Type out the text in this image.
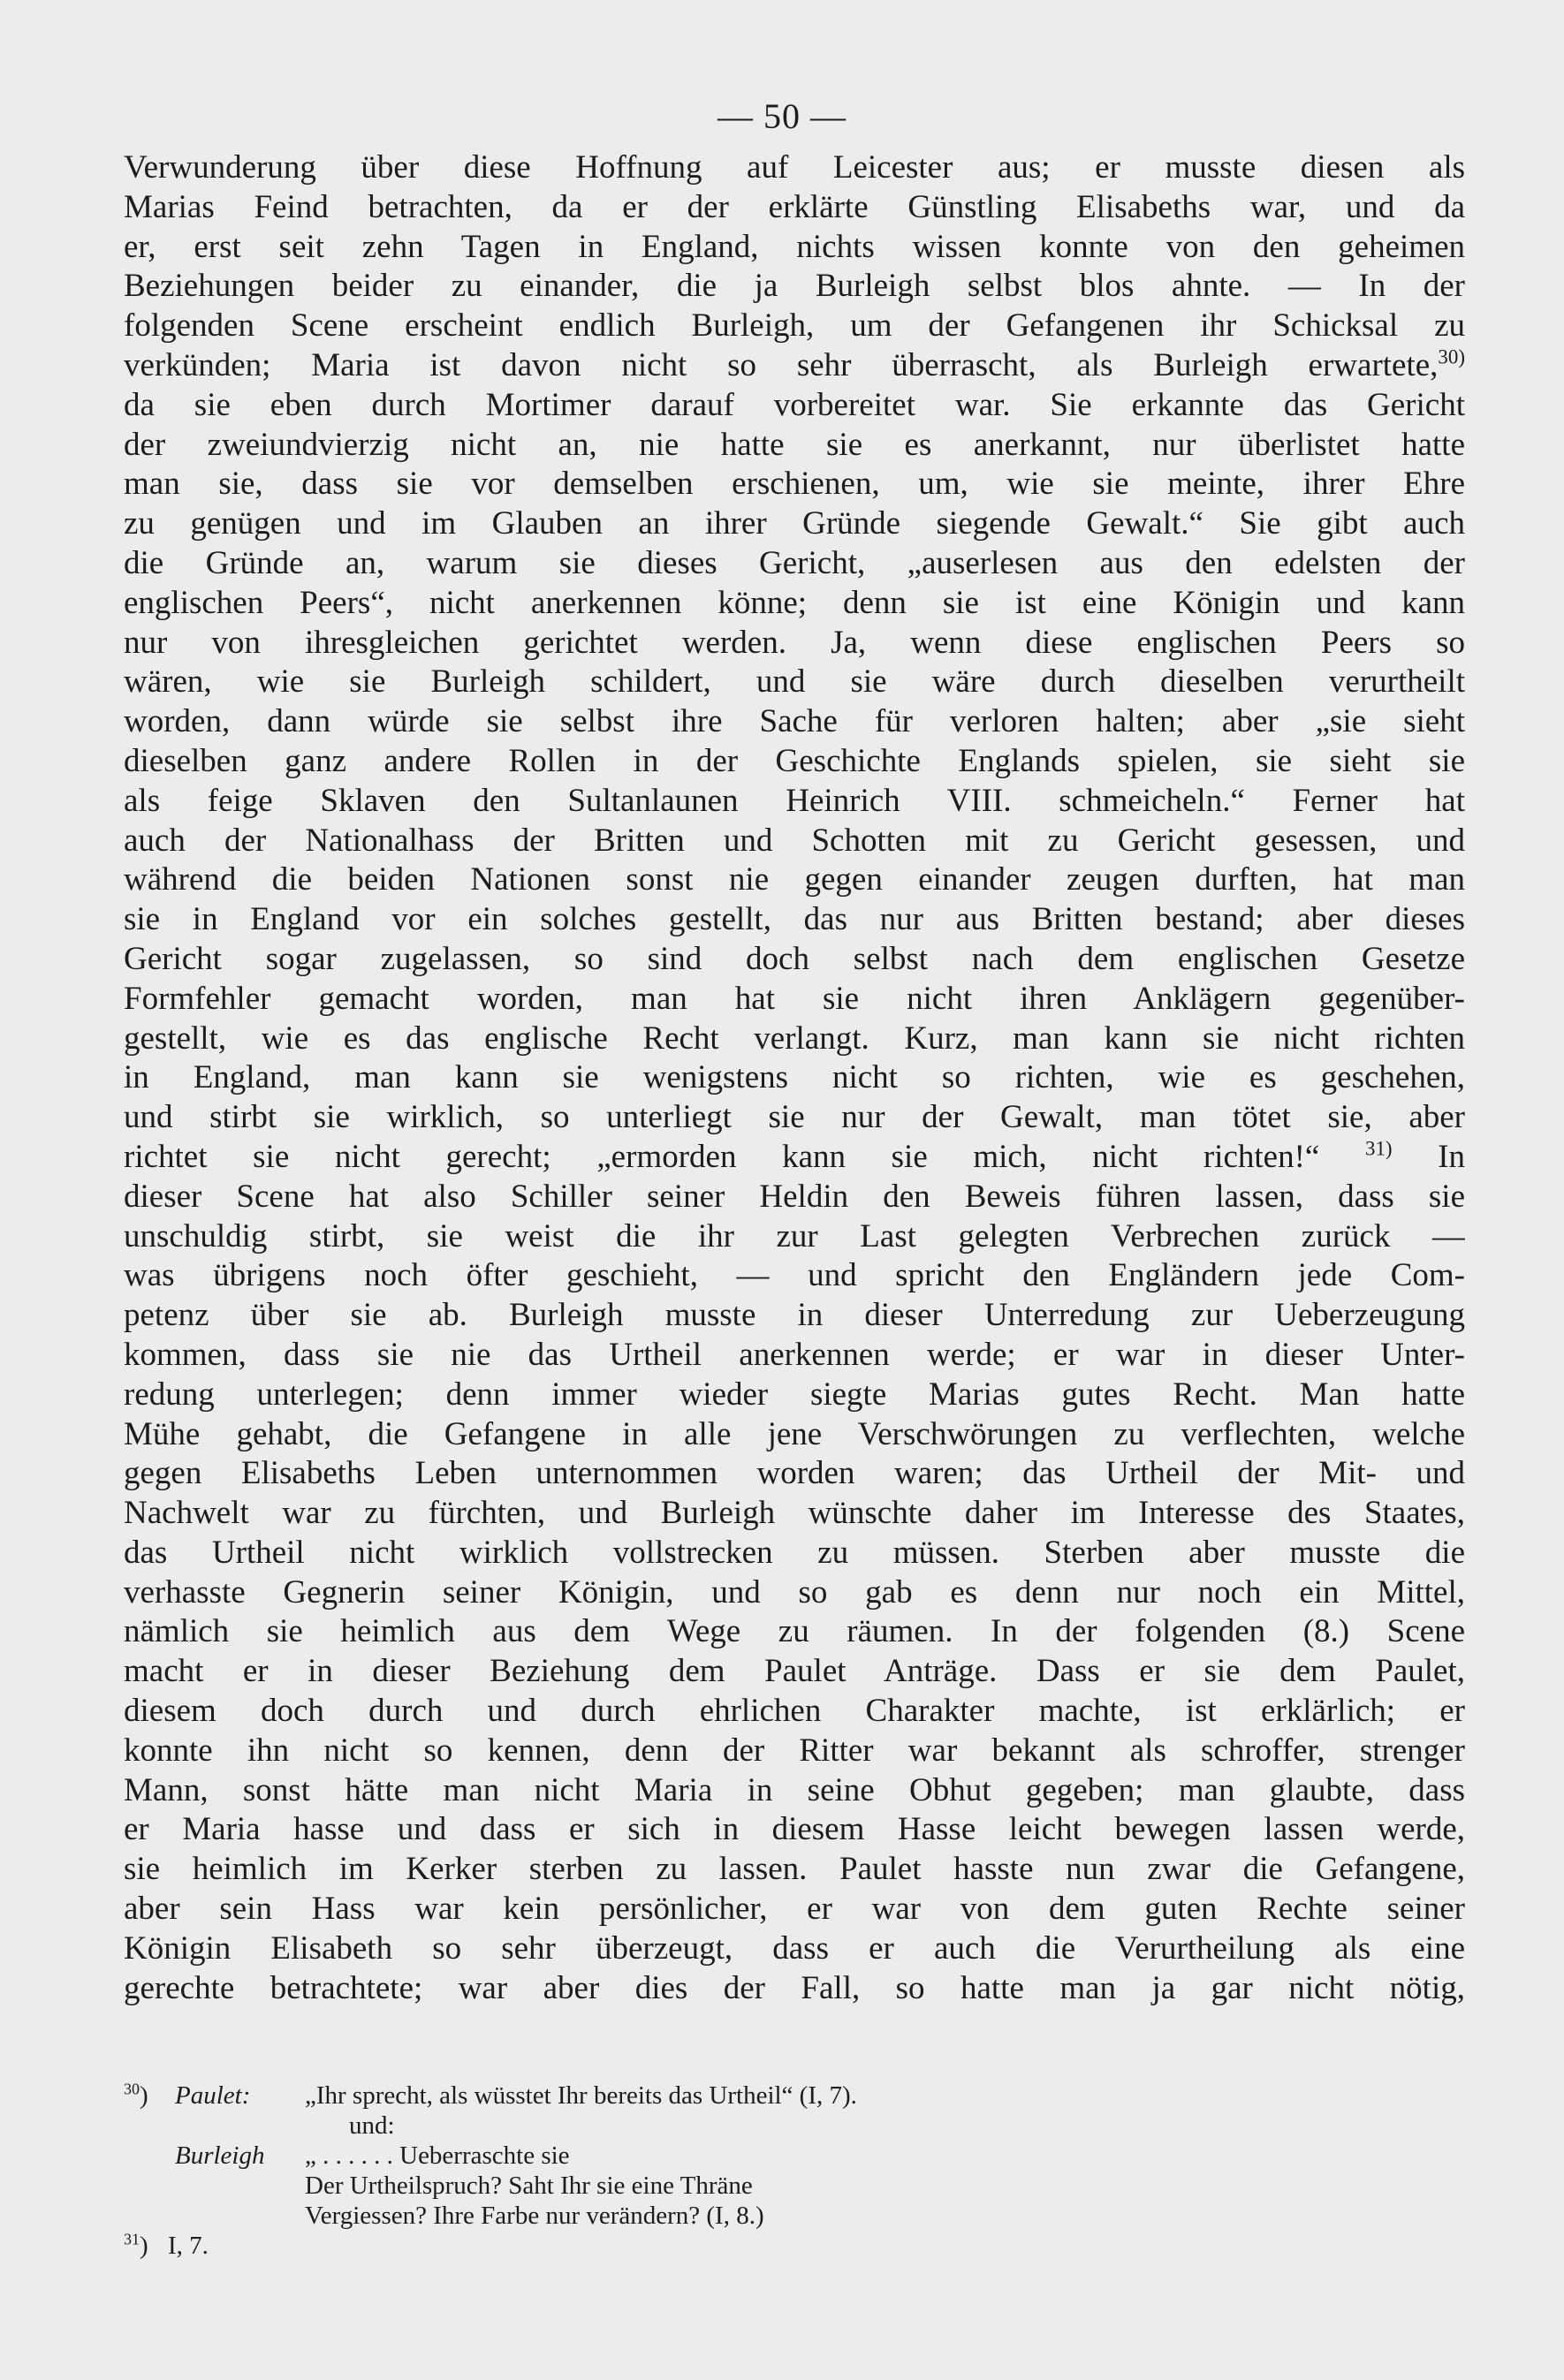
— 50 —
Verwunderung über diese Hoffnung auf Leicester aus; er musste diesen als
Marias Feind betrachten, da er der erklärte Günstling Elisabeths war, und da
er, erst seit zehn Tagen in England, nichts wissen konnte von den geheimen
Beziehungen beider zu einander, die ja Burleigh selbst blos ahnte. — In der
folgenden Scene erscheint endlich Burleigh, um der Gefangenen ihr Schicksal zu
verkünden; Maria ist davon nicht so sehr überrascht, als Burleigh erwartete,$^{30)}$
da sie eben durch Mortimer darauf vorbereitet war. Sie erkannte das Gericht
der zweiundvierzig nicht an, nie hatte sie es anerkannt, nur überlistet hatte
man sie, dass sie vor demselben erschienen, um, wie sie meinte, ihrer Ehre
zu genügen und im Glauben an ihrer Gründe siegende Gewalt.“ Sie gibt auch
die Gründe an, warum sie dieses Gericht, „auserlesen aus den edelsten der
englischen Peers“, nicht anerkennen könne; denn sie ist eine Königin und kann
nur von ihresgleichen gerichtet werden. Ja, wenn diese englischen Peers so
wären, wie sie Burleigh schildert, und sie wäre durch dieselben verurtheilt
worden, dann würde sie selbst ihre Sache für verloren halten; aber „sie sieht
dieselben ganz andere Rollen in der Geschichte Englands spielen, sie sieht sie
als feige Sklaven den Sultanlaunen Heinrich VIII. schmeicheln.“ Ferner hat
auch der Nationalhass der Britten und Schotten mit zu Gericht gesessen, und
während die beiden Nationen sonst nie gegen einander zeugen durften, hat man
sie in England vor ein solches gestellt, das nur aus Britten bestand; aber dieses
Gericht sogar zugelassen, so sind doch selbst nach dem englischen Gesetze
Formfehler gemacht worden, man hat sie nicht ihren Anklägern gegenüber-
gestellt, wie es das englische Recht verlangt. Kurz, man kann sie nicht richten
in England, man kann sie wenigstens nicht so richten, wie es geschehen,
und stirbt sie wirklich, so unterliegt sie nur der Gewalt, man tötet sie, aber
richtet sie nicht gerecht; „ermorden kann sie mich, nicht richten!“ $^{31)}$ In
dieser Scene hat also Schiller seiner Heldin den Beweis führen lassen, dass sie
unschuldig stirbt, sie weist die ihr zur Last gelegten Verbrechen zurück —
was übrigens noch öfter geschieht, — und spricht den Engländern jede Com-
petenz über sie ab. Burleigh musste in dieser Unterredung zur Ueberzeugung
kommen, dass sie nie das Urtheil anerkennen werde; er war in dieser Unter-
redung unterlegen; denn immer wieder siegte Marias gutes Recht. Man hatte
Mühe gehabt, die Gefangene in alle jene Verschwörungen zu verflechten, welche
gegen Elisabeths Leben unternommen worden waren; das Urtheil der Mit- und
Nachwelt war zu fürchten, und Burleigh wünschte daher im Interesse des Staates,
das Urtheil nicht wirklich vollstrecken zu müssen. Sterben aber musste die
verhasste Gegnerin seiner Königin, und so gab es denn nur noch ein Mittel,
nämlich sie heimlich aus dem Wege zu räumen. In der folgenden (8.) Scene
macht er in dieser Beziehung dem Paulet Anträge. Dass er sie dem Paulet,
diesem doch durch und durch ehrlichen Charakter machte, ist erklärlich; er
konnte ihn nicht so kennen, denn der Ritter war bekannt als schroffer, strenger
Mann, sonst hätte man nicht Maria in seine Obhut gegeben; man glaubte, dass
er Maria hasse und dass er sich in diesem Hasse leicht bewegen lassen werde,
sie heimlich im Kerker sterben zu lassen. Paulet hasste nun zwar die Gefangene,
aber sein Hass war kein persönlicher, er war von dem guten Rechte seiner
Königin Elisabeth so sehr überzeugt, dass er auch die Verurtheilung als eine
gerechte betrachtete; war aber dies der Fall, so hatte man ja gar nicht nötig,
$^{30}$) Paulet: „Ihr sprecht, als wüsstet Ihr bereits das Urtheil“ (I, 7).
und:
Burleigh „ . . . . . . Ueberraschte sie
Der Urtheilspruch? Saht Ihr sie eine Thräne
Vergiessen? Ihre Farbe nur verändern? (I, 8.)
$^{31}$) I, 7.
